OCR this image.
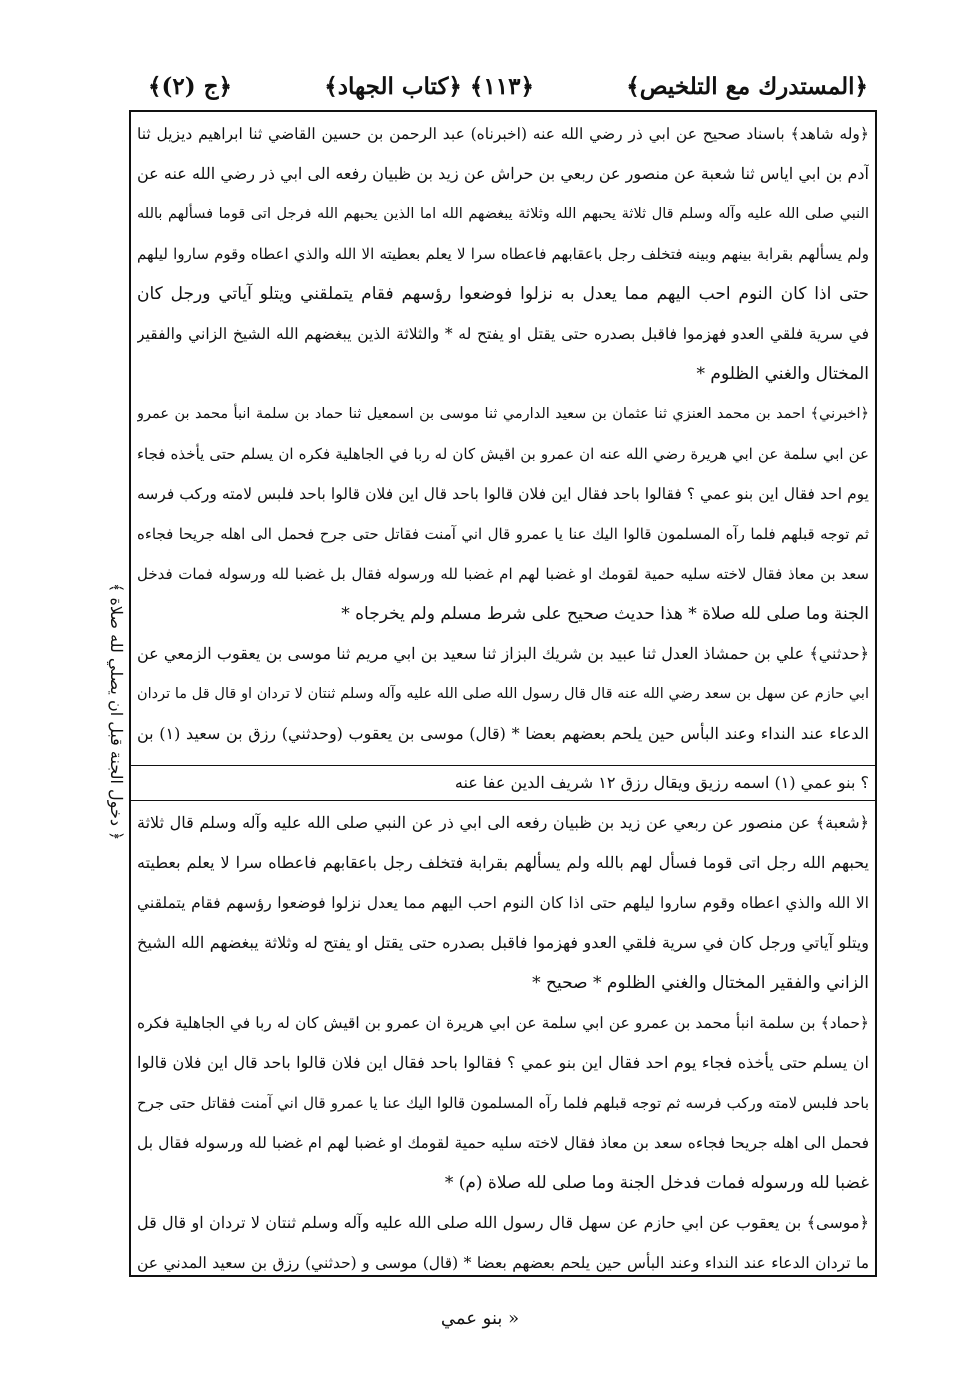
﴿المستدرك مع التلخيص﴾
﴿١١٣﴾ ﴿كتاب الجهاد﴾
﴿ج (٢)﴾
﴿ دخول الجنة قبل ان يصلي لله صلاة ﴾
﴿وله شاهد﴾ باسناد صحيح عن ابي ذر رضي الله عنه (اخبرناه) عبد الرحمن بن حسين القاضي ثنا ابراهيم ديزيل ثنا
آدم بن ابي اياس ثنا شعبة عن منصور عن ربعي بن حراش عن زيد بن ظبيان رفعه الى ابي ذر رضي الله عنه عن
النبي صلى الله عليه وآله وسلم قال ثلاثة يحبهم الله وثلاثة يبغضهم الله اما الذين يحبهم الله فرجل اتى قوما فسألهم بالله
ولم يسألهم بقرابة بينهم وبينه فتخلف رجل باعقابهم فاعطاه سرا لا يعلم بعطيته الا الله والذي اعطاه وقوم ساروا ليلهم
حتى اذا كان النوم احب اليهم مما يعدل به نزلوا فوضعوا رؤسهم فقام يتملقني ويتلو آياتي ورجل كان
في سرية فلقي العدو فهزموا فاقبل بصدره حتى يقتل او يفتح له * والثلاثة الذين يبغضهم الله الشيخ الزاني والفقير
المختال والغني الظلوم *
﴿اخبرني﴾ احمد بن محمد العنزي ثنا عثمان بن سعيد الدارمي ثنا موسى بن اسمعيل ثنا حماد بن سلمة انبأ محمد بن عمرو
عن ابي سلمة عن ابي هريرة رضي الله عنه ان عمرو بن اقيش كان له ربا في الجاهلية فكره ان يسلم حتى يأخذه فجاء
يوم احد فقال اين بنو عمي ؟ فقالوا باحد فقال اين فلان قالوا باحد قال اين فلان قالوا باحد فلبس لامته وركب فرسه
ثم توجه قبلهم فلما رآه المسلمون قالوا اليك عنا يا عمرو قال اني آمنت فقاتل حتى جرح فحمل الى اهله جريحا فجاءه
سعد بن معاذ فقال لاخته سليه حمية لقومك او غضبا لهم ام غضبا لله ورسوله فقال بل غضبا لله ورسوله فمات فدخل
الجنة وما صلى لله صلاة * هذا حديث صحيح على شرط مسلم ولم يخرجاه *
﴿حدثني﴾ علي بن حمشاذ العدل ثنا عبيد بن شريك البزاز ثنا سعيد بن ابي مريم ثنا موسى بن يعقوب الزمعي عن
ابي حازم عن سهل بن سعد رضي الله عنه قال قال رسول الله صلى الله عليه وآله وسلم ثنتان لا تردان او قال قل ما تردان
الدعاء عند النداء وعند البأس حين يلحم بعضهم بعضا * (قال) موسى بن يعقوب (وحدثني) رزق بن سعيد (١) بن
؟ بنو عمي (١) اسمه رزيق ويقال رزق ١٢ شريف الدين عفا عنه
﴿شعبة﴾ عن منصور عن ربعي عن زيد بن ظبيان رفعه الى ابي ذر عن النبي صلى الله عليه وآله وسلم قال ثلاثة
يحبهم الله رجل اتى قوما فسأل لهم بالله ولم يسألهم بقرابة فتخلف رجل باعقابهم فاعطاه سرا لا يعلم بعطيته
الا الله والذي اعطاه وقوم ساروا ليلهم حتى اذا كان النوم احب اليهم مما يعدل نزلوا فوضعوا رؤسهم فقام يتملقني
ويتلو آياتي ورجل كان في سرية فلقي العدو فهزموا فاقبل بصدره حتى يقتل او يفتح له وثلاثة يبغضهم الله الشيخ
الزاني والفقير المختال والغني الظلوم * صحيح *
﴿حماد﴾ بن سلمة انبأ محمد بن عمرو عن ابي سلمة عن ابي هريرة ان عمرو بن اقيش كان له ربا في الجاهلية فكره
ان يسلم حتى يأخذه فجاء يوم احد فقال اين بنو عمي ؟ فقالوا باحد فقال اين فلان قالوا باحد قال اين فلان قالوا
باحد فلبس لامته وركب فرسه ثم توجه قبلهم فلما رآه المسلمون قالوا اليك عنا يا عمرو قال اني آمنت فقاتل حتى جرح
فحمل الى اهله جريحا فجاءه سعد بن معاذ فقال لاخته سليه حمية لقومك او غضبا لهم ام غضبا لله ورسوله فقال بل
غضبا لله ورسوله فمات فدخل الجنة وما صلى لله صلاة (م) *
﴿موسى﴾ بن يعقوب عن ابي حازم عن سهل قال رسول الله صلى الله عليه وآله وسلم ثنتان لا تردان او قال قل
ما تردان الدعاء عند النداء وعند البأس حين يلحم بعضهم بعضا * (قال) موسى و (حدثني) رزق بن سعيد المدني عن
« بنو عمي
